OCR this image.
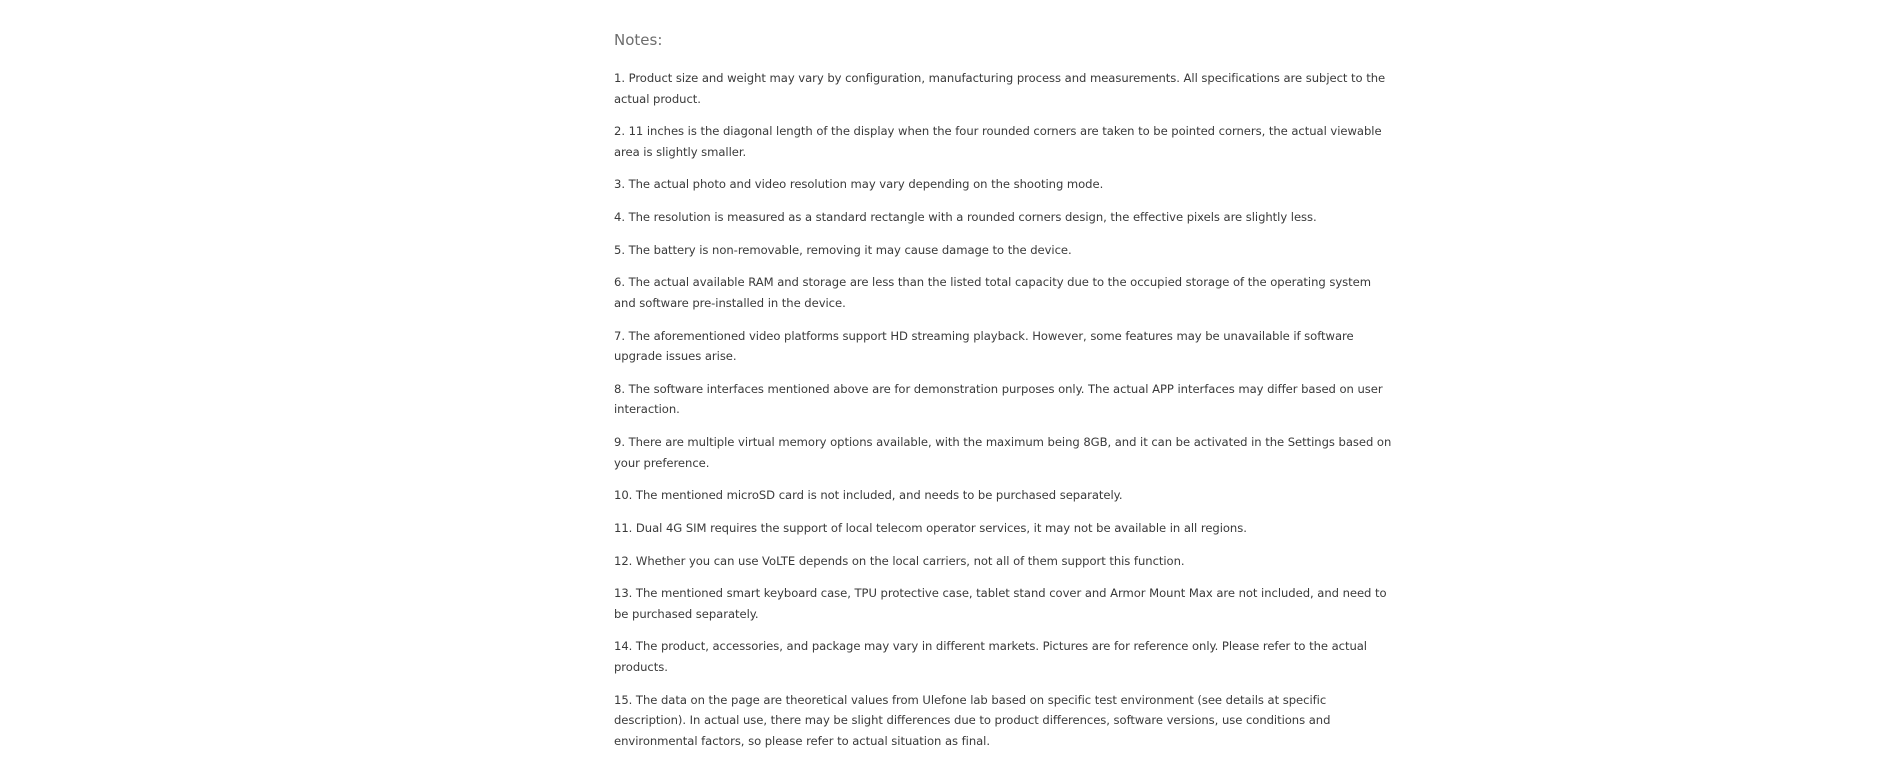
Notes:
1. Product size and weight may vary by configuration, manufacturing process and measurements. All specifications are subject to the
actual product.
2. 11 inches is the diagonal length of the display when the four rounded corners are taken to be pointed corners, the actual viewable
area is slightly smaller.
3. The actual photo and video resolution may vary depending on the shooting mode.
4. The resolution is measured as a standard rectangle with a rounded corners design, the effective pixels are slightly less.
5. The battery is non-removable, removing it may cause damage to the device.
6. The actual available RAM and storage are less than the listed total capacity due to the occupied storage of the operating system
and software pre-installed in the device.
7. The aforementioned video platforms support HD streaming playback. However, some features may be unavailable if software
upgrade issues arise.
8. The software interfaces mentioned above are for demonstration purposes only. The actual APP interfaces may differ based on user
interaction.
9. There are multiple virtual memory options available, with the maximum being 8GB, and it can be activated in the Settings based on
your preference.
10. The mentioned microSD card is not included, and needs to be purchased separately.
11. Dual 4G SIM requires the support of local telecom operator services, it may not be available in all regions.
12. Whether you can use VoLTE depends on the local carriers, not all of them support this function.
13. The mentioned smart keyboard case, TPU protective case, tablet stand cover and Armor Mount Max are not included, and need to
be purchased separately.
14. The product, accessories, and package may vary in different markets. Pictures are for reference only. Please refer to the actual
products.
15. The data on the page are theoretical values from Ulefone lab based on specific test environment (see details at specific
description). In actual use, there may be slight differences due to product differences, software versions, use conditions and
environmental factors, so please refer to actual situation as final.
